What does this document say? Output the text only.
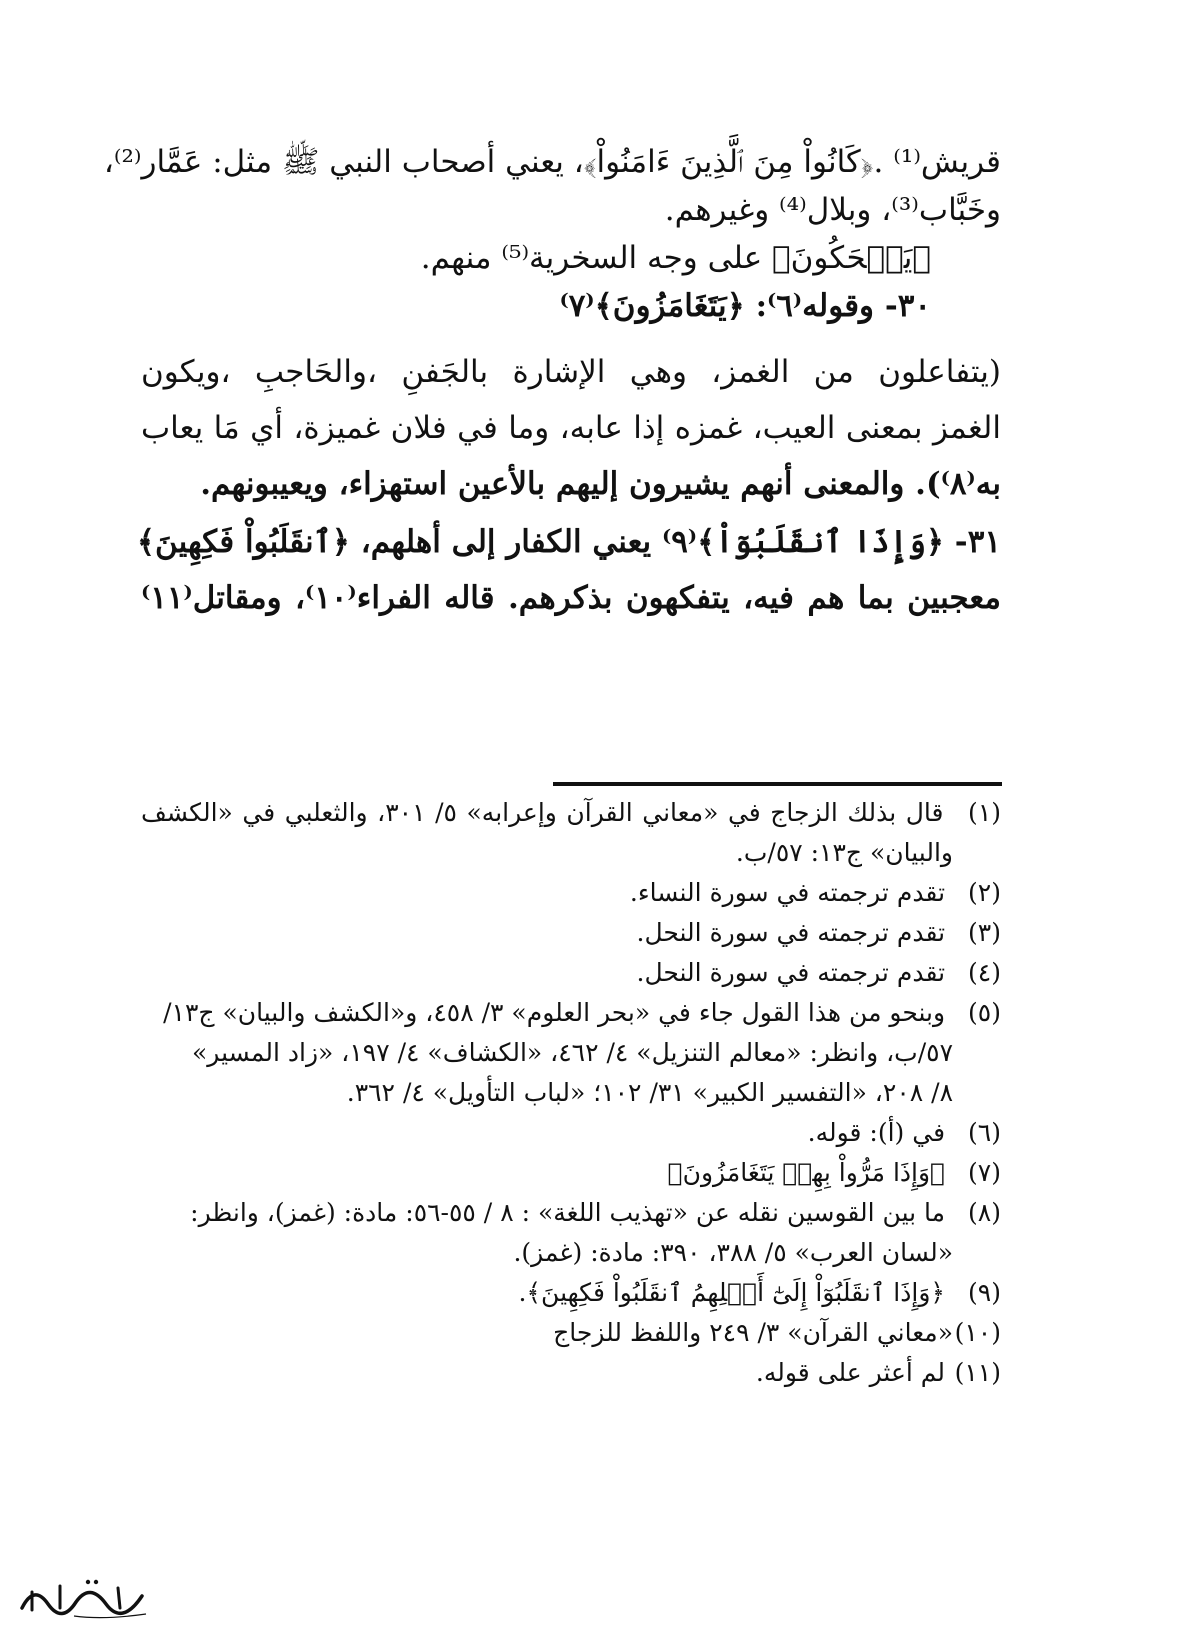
قريش⁽¹⁾ .﴿كَانُواْ مِنَ ٱلَّذِينَ ءَامَنُواْ﴾، يعني أصحاب النبي ﷺ مثل: عَمَّار⁽²⁾،
وخَبَّاب⁽³⁾، وبلال⁽⁴⁾ وغيرهم.
﴿يَضۡحَكُونَ﴾ على وجه السخرية⁽⁵⁾ منهم.
٣٠- وقوله⁽٦⁾: ﴿يَتَغَامَزُونَ﴾⁽٧⁾
(يتفاعلون من الغمز، وهي الإشارة بالجَفنِ ،والحَاجبِ ،ويكون
الغمز بمعنى العيب، غمزه إذا عابه، وما في فلان غميزة، أي مَا يعاب
به⁽٨⁾). والمعنى أنهم يشيرون إليهم بالأعين استهزاء، ويعيبونهم.
٣١- ﴿وَإِذَا ٱنقَلَبُوٓاْ﴾⁽٩⁾ يعني الكفار إلى أهلهم، ﴿ٱنقَلَبُواْ فَكِهِينَ﴾
معجبين بما هم فيه، يتفكهون بذكرهم. قاله الفراء⁽١٠⁾، ومقاتل⁽١١⁾
(١) قال بذلك الزجاج في «معاني القرآن وإعرابه» ٥/ ٣٠١، والثعلبي في «الكشف
والبيان» ج١٣: ٥٧/ب.
(٢) تقدم ترجمته في سورة النساء.
(٣) تقدم ترجمته في سورة النحل.
(٤) تقدم ترجمته في سورة النحل.
(٥) وبنحو من هذا القول جاء في «بحر العلوم» ٣/ ٤٥٨، و«الكشف والبيان» ج١٣/
٥٧/ب، وانظر: «معالم التنزيل» ٤/ ٤٦٢، «الكشاف» ٤/ ١٩٧، «زاد المسير»
٨/ ٢٠٨، «التفسير الكبير» ٣١/ ١٠٢؛ «لباب التأويل» ٤/ ٣٦٢.
(٦) في (أ): قوله.
(٧) ﴿وَإِذَا مَرُّواْ بِهِمۡ يَتَغَامَزُونَ﴾
(٨) ما بين القوسين نقله عن «تهذيب اللغة» : ٨ / ٥٥-٥٦: مادة: (غمز)، وانظر:
«لسان العرب» ٥/ ٣٨٨، ٣٩٠: مادة: (غمز).
(٩) ﴿وَإِذَا ٱنقَلَبُوٓاْ إِلَىٰٓ أَهۡلِهِمُ ٱنقَلَبُواْ فَكِهِينَ﴾.
(١٠)«معاني القرآن» ٣/ ٢٤٩ واللفظ للزجاج
(١١) لم أعثر على قوله.
